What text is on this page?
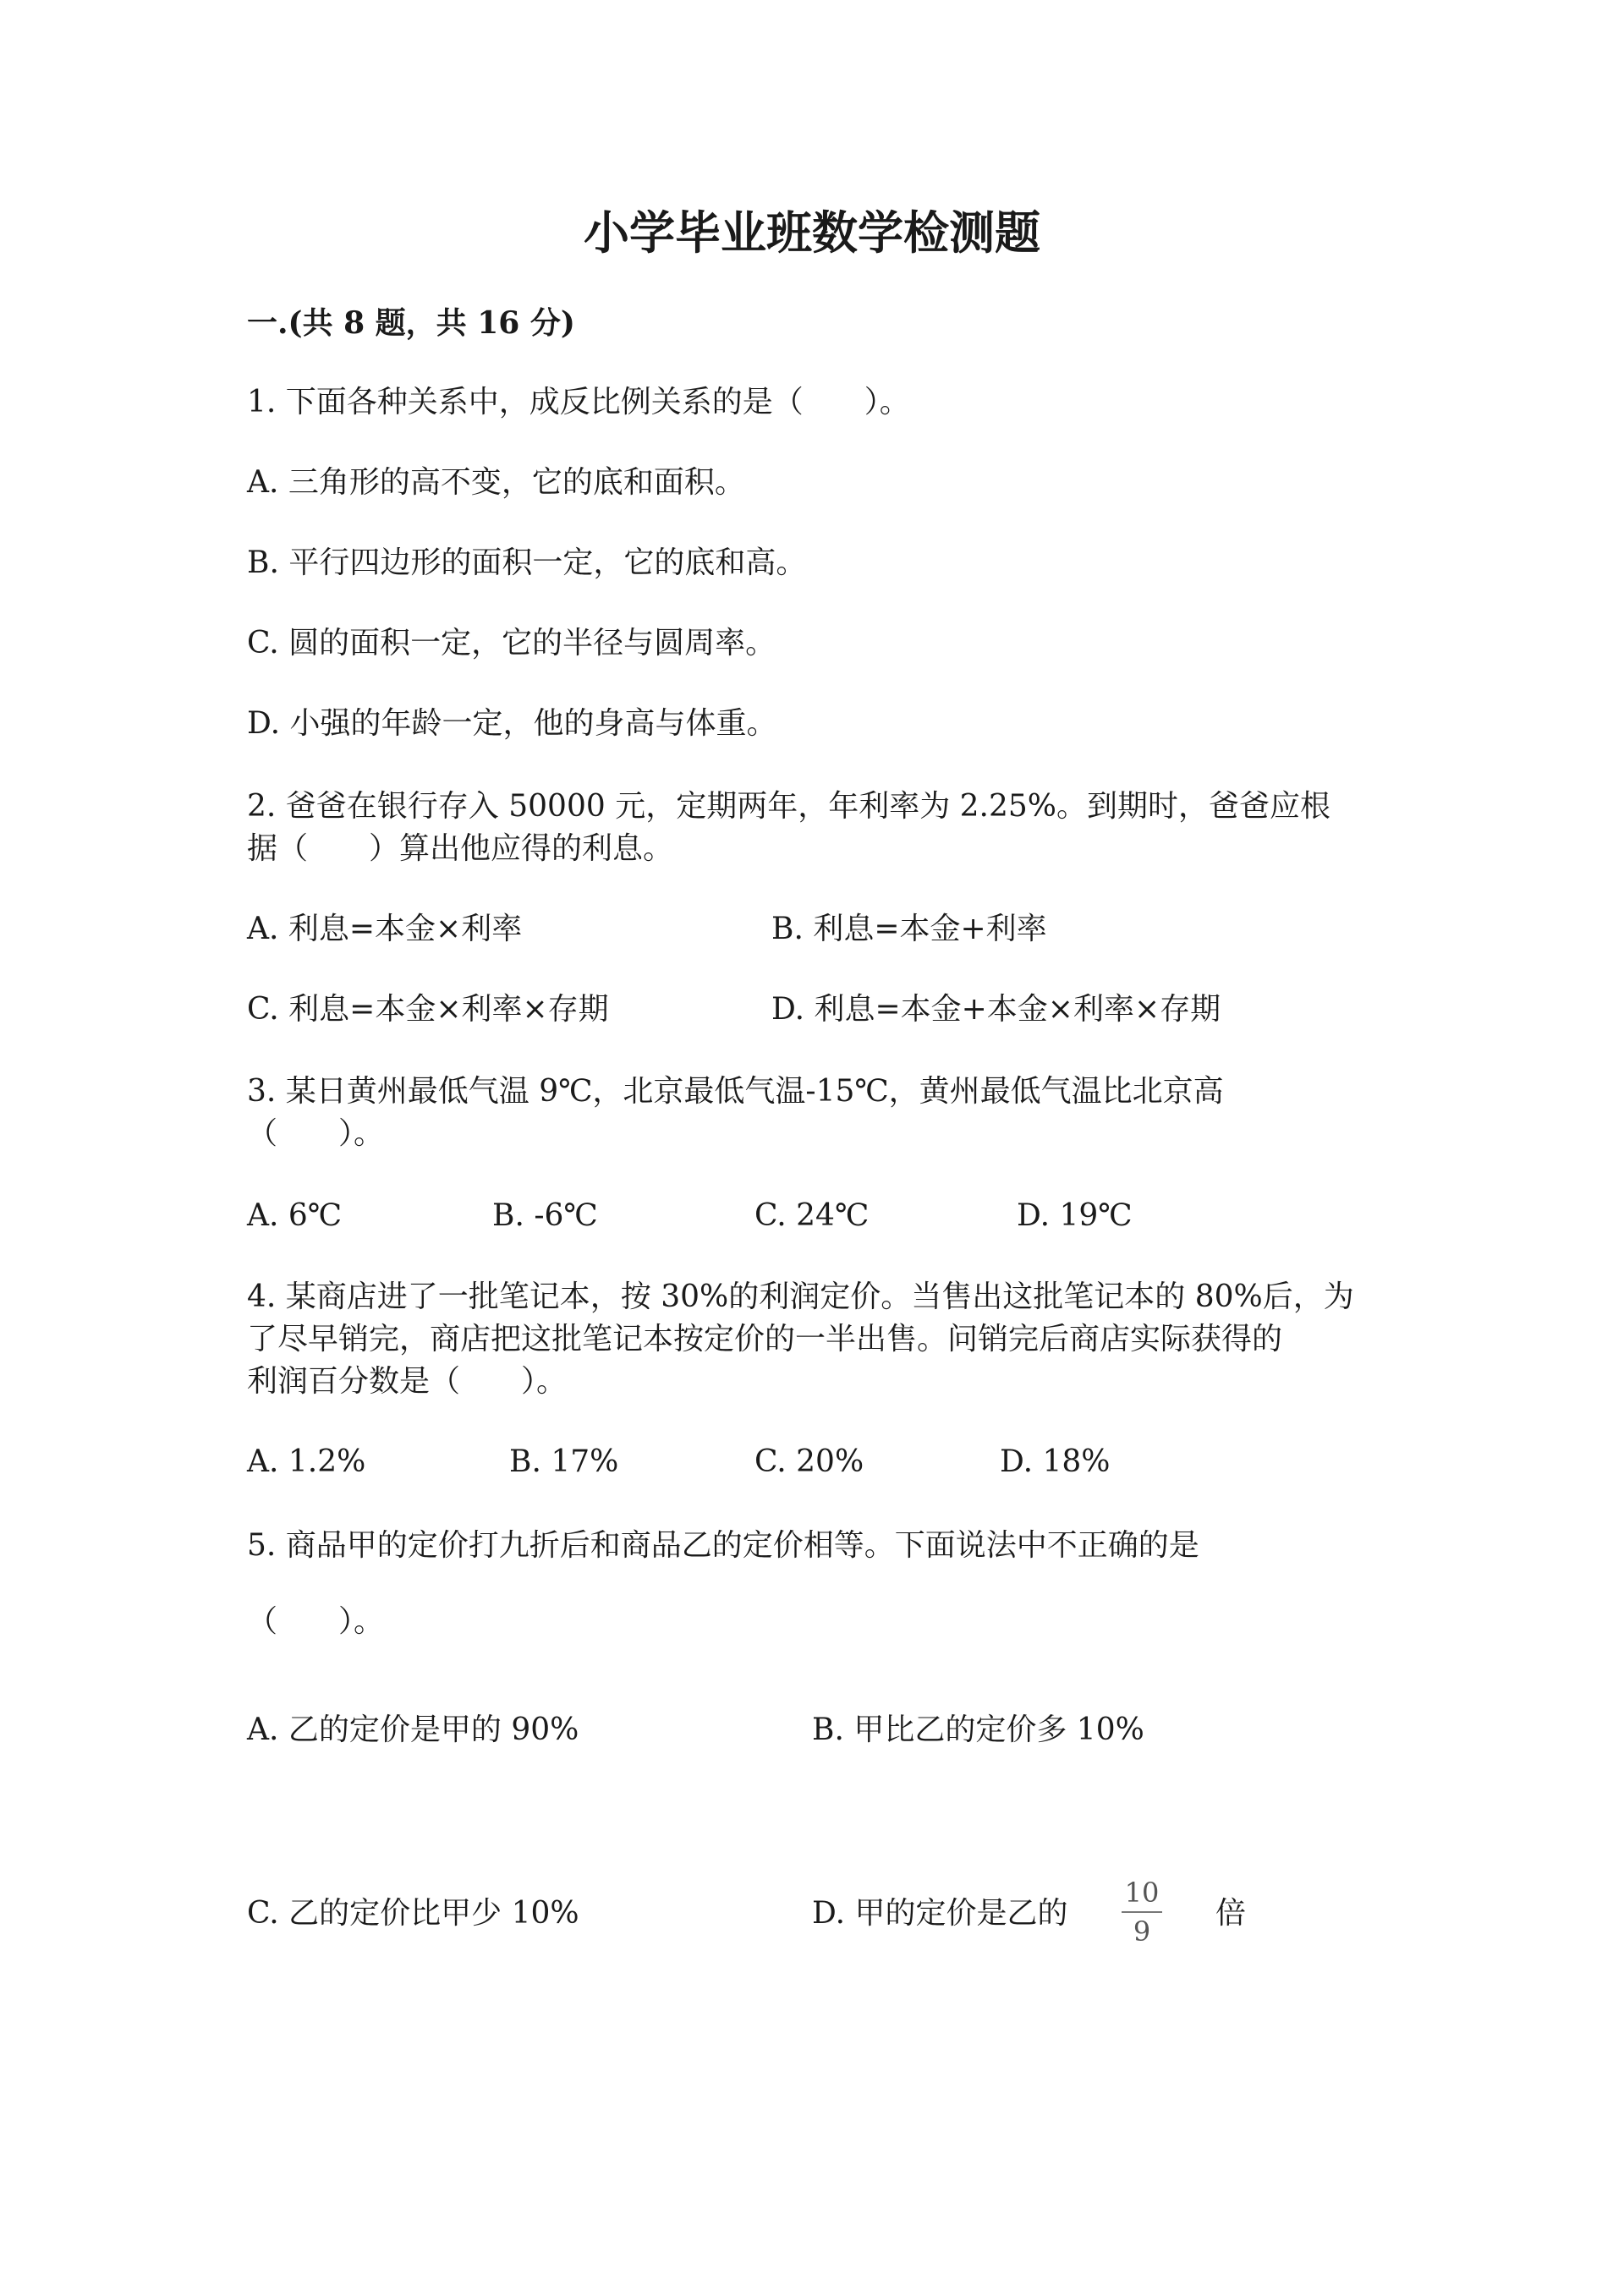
小学毕业班数学检测题
一.(共 8 题，共 16 分)
1. 下面各种关系中，成反比例关系的是（　　）。
A. 三角形的高不变，它的底和面积。
B. 平行四边形的面积一定，它的底和高。
C. 圆的面积一定，它的半径与圆周率。
D. 小强的年龄一定，他的身高与体重。
2. 爸爸在银行存入 50000 元，定期两年，年利率为 2.25%。到期时，爸爸应根
据（　　）算出他应得的利息。
A. 利息=本金×利率	B. 利息=本金+利率
C. 利息=本金×利率×存期	D. 利息=本金+本金×利率×存期
3. 某日黄州最低气温 9℃，北京最低气温-15℃，黄州最低气温比北京高
（　　）。
A. 6℃	B. -6℃	C. 24℃	D. 19℃
4. 某商店进了一批笔记本，按 30%的利润定价。当售出这批笔记本的 80%后，为
了尽早销完，商店把这批笔记本按定价的一半出售。问销完后商店实际获得的
利润百分数是（　　）。
A. 1.2%	B. 17%	C. 20%	D. 18%
5. 商品甲的定价打九折后和商品乙的定价相等。下面说法中不正确的是
（　　）。
A. 乙的定价是甲的 90%	B. 甲比乙的定价多 10%
C. 乙的定价比甲少 10%	D. 甲的定价是乙的
10
9
倍
